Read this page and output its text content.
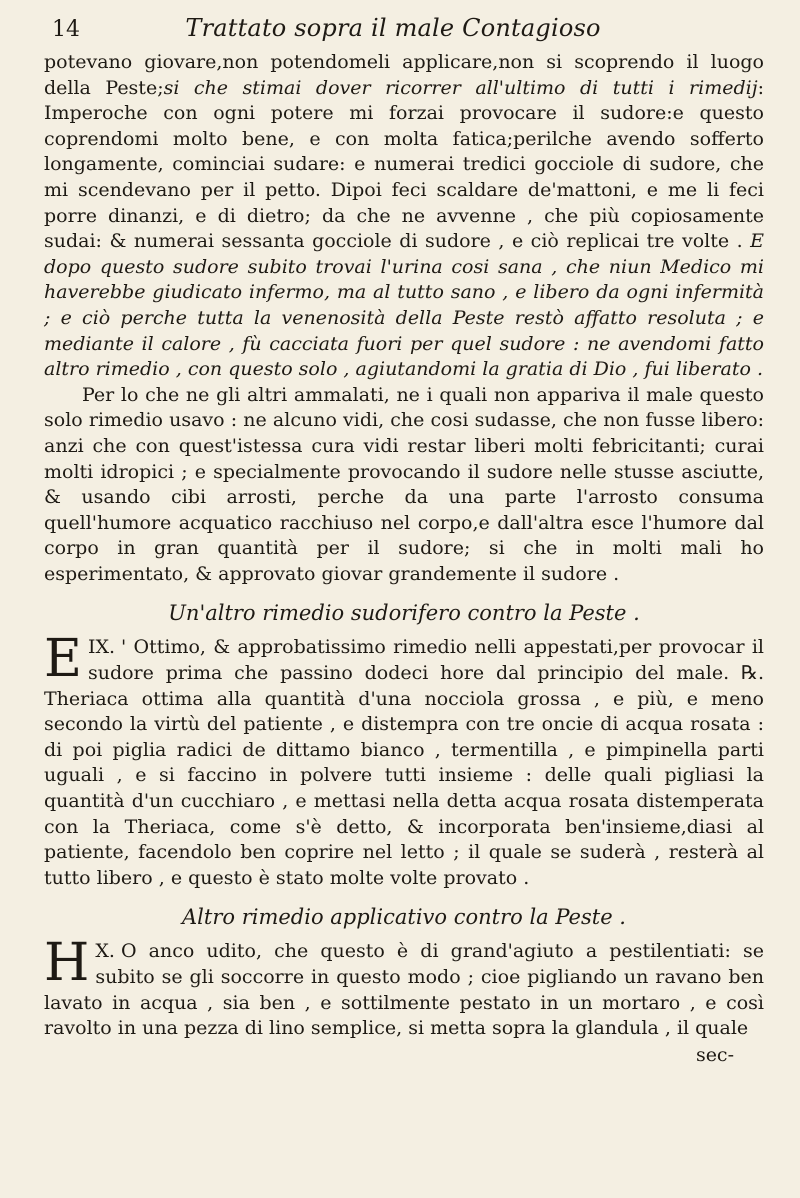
14	Trattato sopra il male Contagioso

potevano giovare,non potendomeli applicare,non si scoprendo il luogo della Peste;si che stimai dover ricorrer all'ultimo di tutti i rimedij: Imperoche con ogni potere mi forzai provocare il sudore:e questo coprendomi molto bene, e con molta fatica;perilche avendo sofferto longamente, cominciai sudare: e numerai tredici gocciole di sudore, che mi scendevano per il petto. Dipoi feci scaldare de'mattoni, e me li feci porre dinanzi, e di dietro; da che ne avvenne , che più copiosamente sudai: & numerai sessanta gocciole di sudore , e ciò replicai tre volte . E dopo questo sudore subito trovai l'urina cosi sana , che niun Medico mi haverebbe giudicato infermo, ma al tutto sano , e libero da ogni infermità ; e ciò perche tutta la venenosità della Peste restò affatto resoluta ; e mediante il calore , fù cacciata fuori per quel sudore : ne avendomi fatto altro rimedio , con questo solo , agiutandomi la gratia di Dio , fui liberato .

Per lo che ne gli altri ammalati, ne i quali non appariva il male questo solo rimedio usavo : ne alcuno vidi, che cosi sudasse, che non fusse libero: anzi che con quest'istessa cura vidi restar liberi molti febricitanti; curai molti idropici ; e specialmente provocando il sudore nelle stusse asciutte, & usando cibi arrosti, perche da una parte l'arrosto consuma quell'humore acquatico racchiuso nel corpo,e dall'altra esce l'humore dal corpo in gran quantità per il sudore; si che in molti mali ho esperimentato, & approvato giovar grandemente il sudore .

Un'altro rimedio sudorifero contro la Peste .

IX.
E ' Ottimo, & approbatissimo rimedio nelli appestati,per provocar il sudore prima che passino dodeci hore dal principio del male. ℞. Theriaca ottima alla quantità d'una nocciola grossa , e più, e meno secondo la virtù del patiente , e distempra con tre oncie di acqua rosata : di poi piglia radici de dittamo bianco , termentilla , e pimpinella parti uguali , e si faccino in polvere tutti insieme : delle quali pigliasi la quantità d'un cucchiaro , e mettasi nella detta acqua rosata distemperata con la Theriaca, come s'è detto, & incorporata ben'insieme,diasi al patiente, facendolo ben coprire nel letto ; il quale se suderà , resterà al tutto libero , e questo è stato molte volte provato .

Altro rimedio applicativo contro la Peste .

X.
H O anco udito, che questo è di grand'agiuto a pestilentiati: se subito se gli soccorre in questo modo ; cioe pigliando un ravano ben lavato in acqua , sia ben , e sottilmente pestato in un mortaro , e così ravolto in una pezza di lino semplice, si metta sopra la glandula , il quale

sec-
